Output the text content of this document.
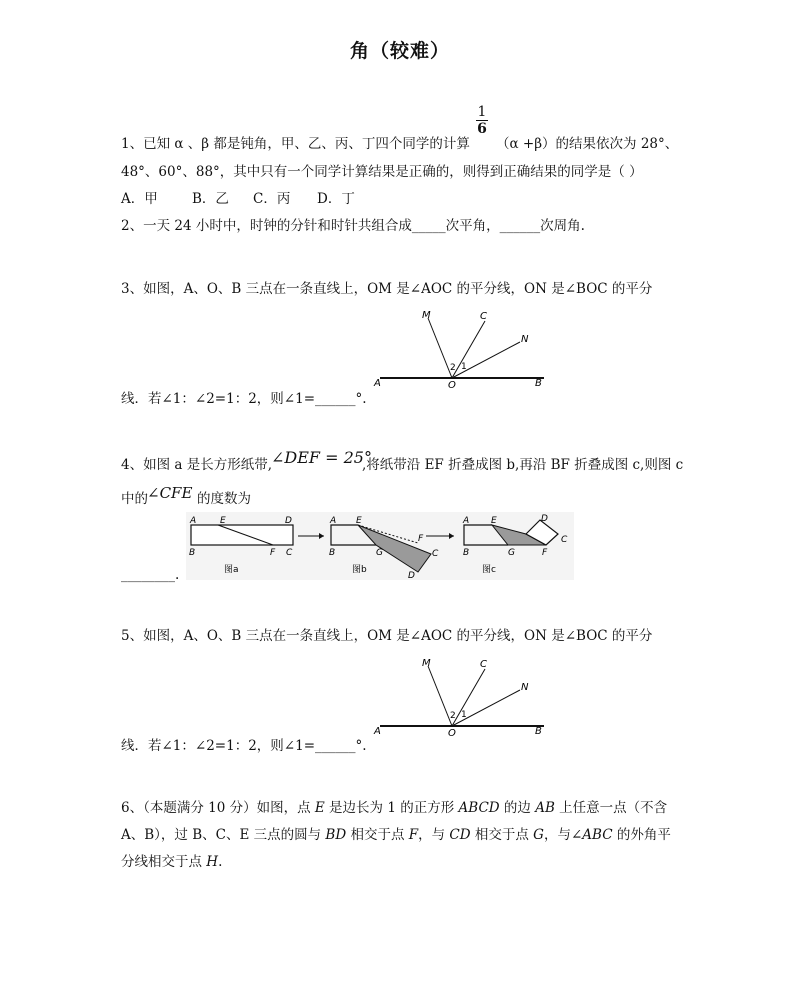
角（较难）
1、已知 α 、β 都是钝角，甲、乙、丙、丁四个同学的计算
1
6
（α +β）的结果依次为 28°、
48°、60°、88°，其中只有一个同学计算结果是正确的，则得到正确结果的同学是（ ）
A．甲	B．乙 C．丙 D．丁
2、一天 24 小时中，时钟的分针和时针共组合成_____次平角，______次周角.
3、如图，A、O、B 三点在一条直线上，OM 是∠AOC 的平分线，ON 是∠BOC 的平分
M	C
N
A	O	B
2 1
线．若∠1：∠2=1：2，则∠1=______°.
4、如图 a 是长方形纸带,
∠DEF = 25°
,将纸带沿 EF 折叠成图 b,再沿 BF 折叠成图 c,则图 c
中的 ∠CFE 的度数为
A	E	D
B	F C
图a
A E
B	G
F
C
D
图b
A E	D
B	G	F
C
图c
________.
5、如图，A、O、B 三点在一条直线上，OM 是∠AOC 的平分线，ON 是∠BOC 的平分
M	C
N
A	O	B
2 1
线．若∠1：∠2=1：2，则∠1=______°.
6、（本题满分 10 分）如图，点 E 是边长为 1 的正方形 ABCD 的边 AB 上任意一点（不含
A、B），过 B、C、E 三点的圆与 BD 相交于点 F，与 CD 相交于点 G，与∠ABC 的外角平
分线相交于点 H.
